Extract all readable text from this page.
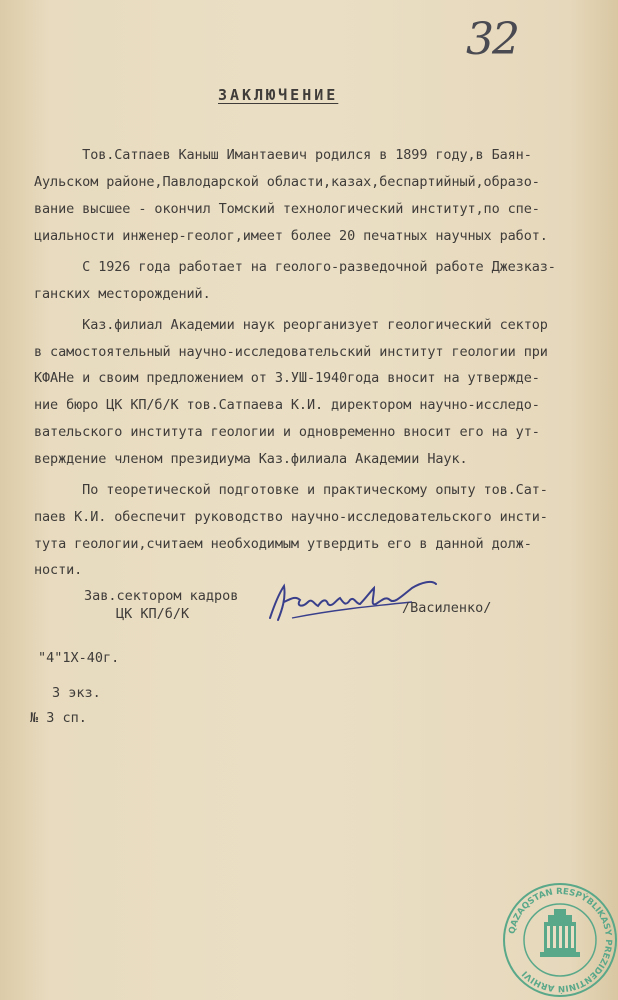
32
ЗАКЛЮЧЕНИЕ
Тов.Сатпаев Каныш Имантаевич родился в 1899 году,в Баян-
Аульском районе,Павлодарской области,казах,беспартийный,образо-
вание высшее - окончил Томский технологический институт,по спе-
циальности инженер-геолог,имеет более 20 печатных научных работ.
С 1926 года работает на геолого-разведочной работе Джезказ-
ганских месторождений.
Каз.филиал Академии наук реорганизует геологический сектор
в самостоятельный научно-исследовательский институт геологии при
КФАНе и своим предложением от 3.УШ-1940года вносит на утвержде-
ние бюро ЦК КП/б/К тов.Сатпаева К.И. директором научно-исследо-
вательского института геологии и одновременно вносит его на ут-
верждение членом президиума Каз.филиала Академии Наук.
По теоретической подготовке и практическому опыту тов.Сат-
паев К.И. обеспечит руководство научно-исследовательского инсти-
тута геологии,считаем необходимым утвердить его в данной долж-
ности.
Зав.сектором кадров
ЦК КП/б/К	/Василенко/
"4"1Х-40г.
3 экз.
№ 3 сп.
QAZAQSTAN RESPÝBLIKASY PREZIDENTINIŃ ARHIVI
